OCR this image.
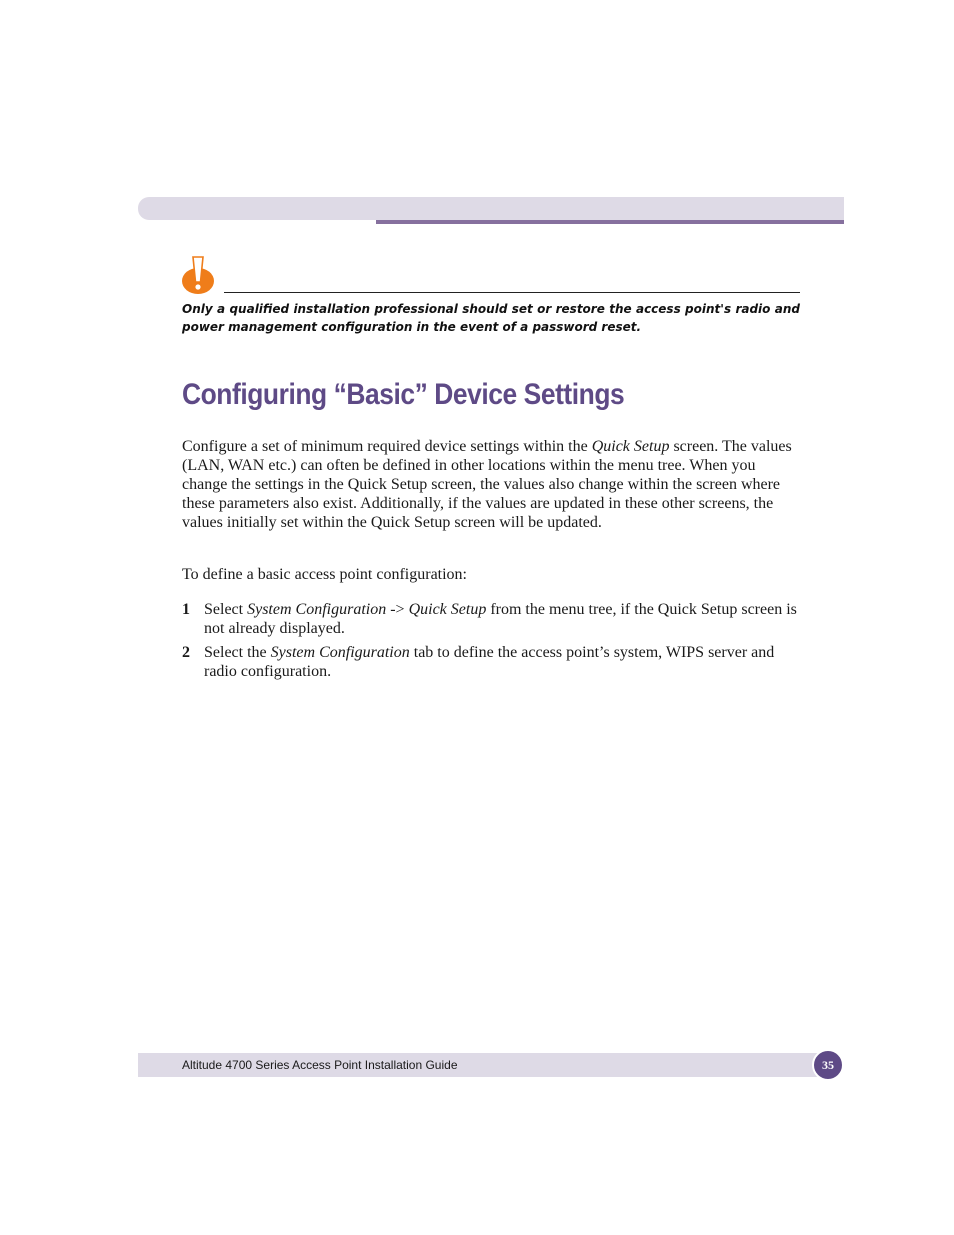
Only a qualified installation professional should set or restore the access point's radio and power management configuration in the event of a password reset.

Configuring “Basic” Device Settings

Configure a set of minimum required device settings within the Quick Setup screen. The values (LAN, WAN etc.) can often be defined in other locations within the menu tree. When you change the settings in the Quick Setup screen, the values also change within the screen where these parameters also exist. Additionally, if the values are updated in these other screens, the values initially set within the Quick Setup screen will be updated.

To define a basic access point configuration:

1 Select System Configuration -> Quick Setup from the menu tree, if the Quick Setup screen is not already displayed.
2 Select the System Configuration tab to define the access point’s system, WIPS server and radio configuration.
Altitude 4700 Series Access Point Installation Guide	35
